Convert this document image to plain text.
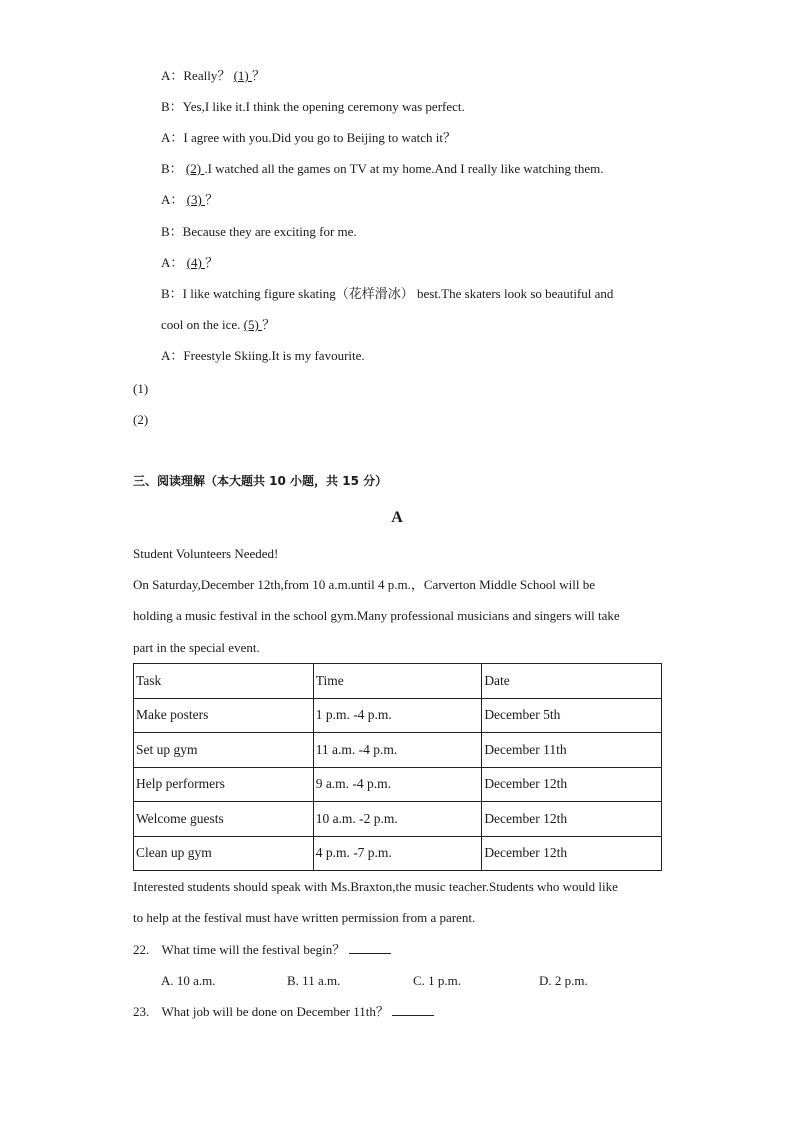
A：Really？ (1) ？
B：Yes,I like it.I think the opening ceremony was perfect.
A：I agree with you.Did you go to Beijing to watch it？
B： (2) .I watched all the games on TV at my home.And I really like watching them.
A： (3) ？
B：Because they are exciting for me.
A： (4) ？
B：I like watching figure skating（花样滑冰） best.The skaters look so beautiful and
cool on the ice. (5) ？
A：Freestyle Skiing.It is my favourite.
(1)
(2)
三、阅读理解（本大题共 10 小题，共 15 分）
A
Student Volunteers Needed!
On Saturday,December 12th,from 10 a.m.until 4 p.m.，Carverton Middle School will be
holding a music festival in the school gym.Many professional musicians and singers will take
part in the special event.
Task	Time	Date
Make posters	1 p.m. -4 p.m.	December 5th
Set up gym	11 a.m. -4 p.m.	December 11th
Help performers	9 a.m. -4 p.m.	December 12th
Welcome guests	10 a.m. -2 p.m.	December 12th
Clean up gym	4 p.m. -7 p.m.	December 12th
Interested students should speak with Ms.Braxton,the music teacher.Students who would like
to help at the festival must have written permission from a parent.
22. What time will the festival begin？
A. 10 a.m.	B. 11 a.m.	C. 1 p.m.	D. 2 p.m.
23. What job will be done on December 11th？
